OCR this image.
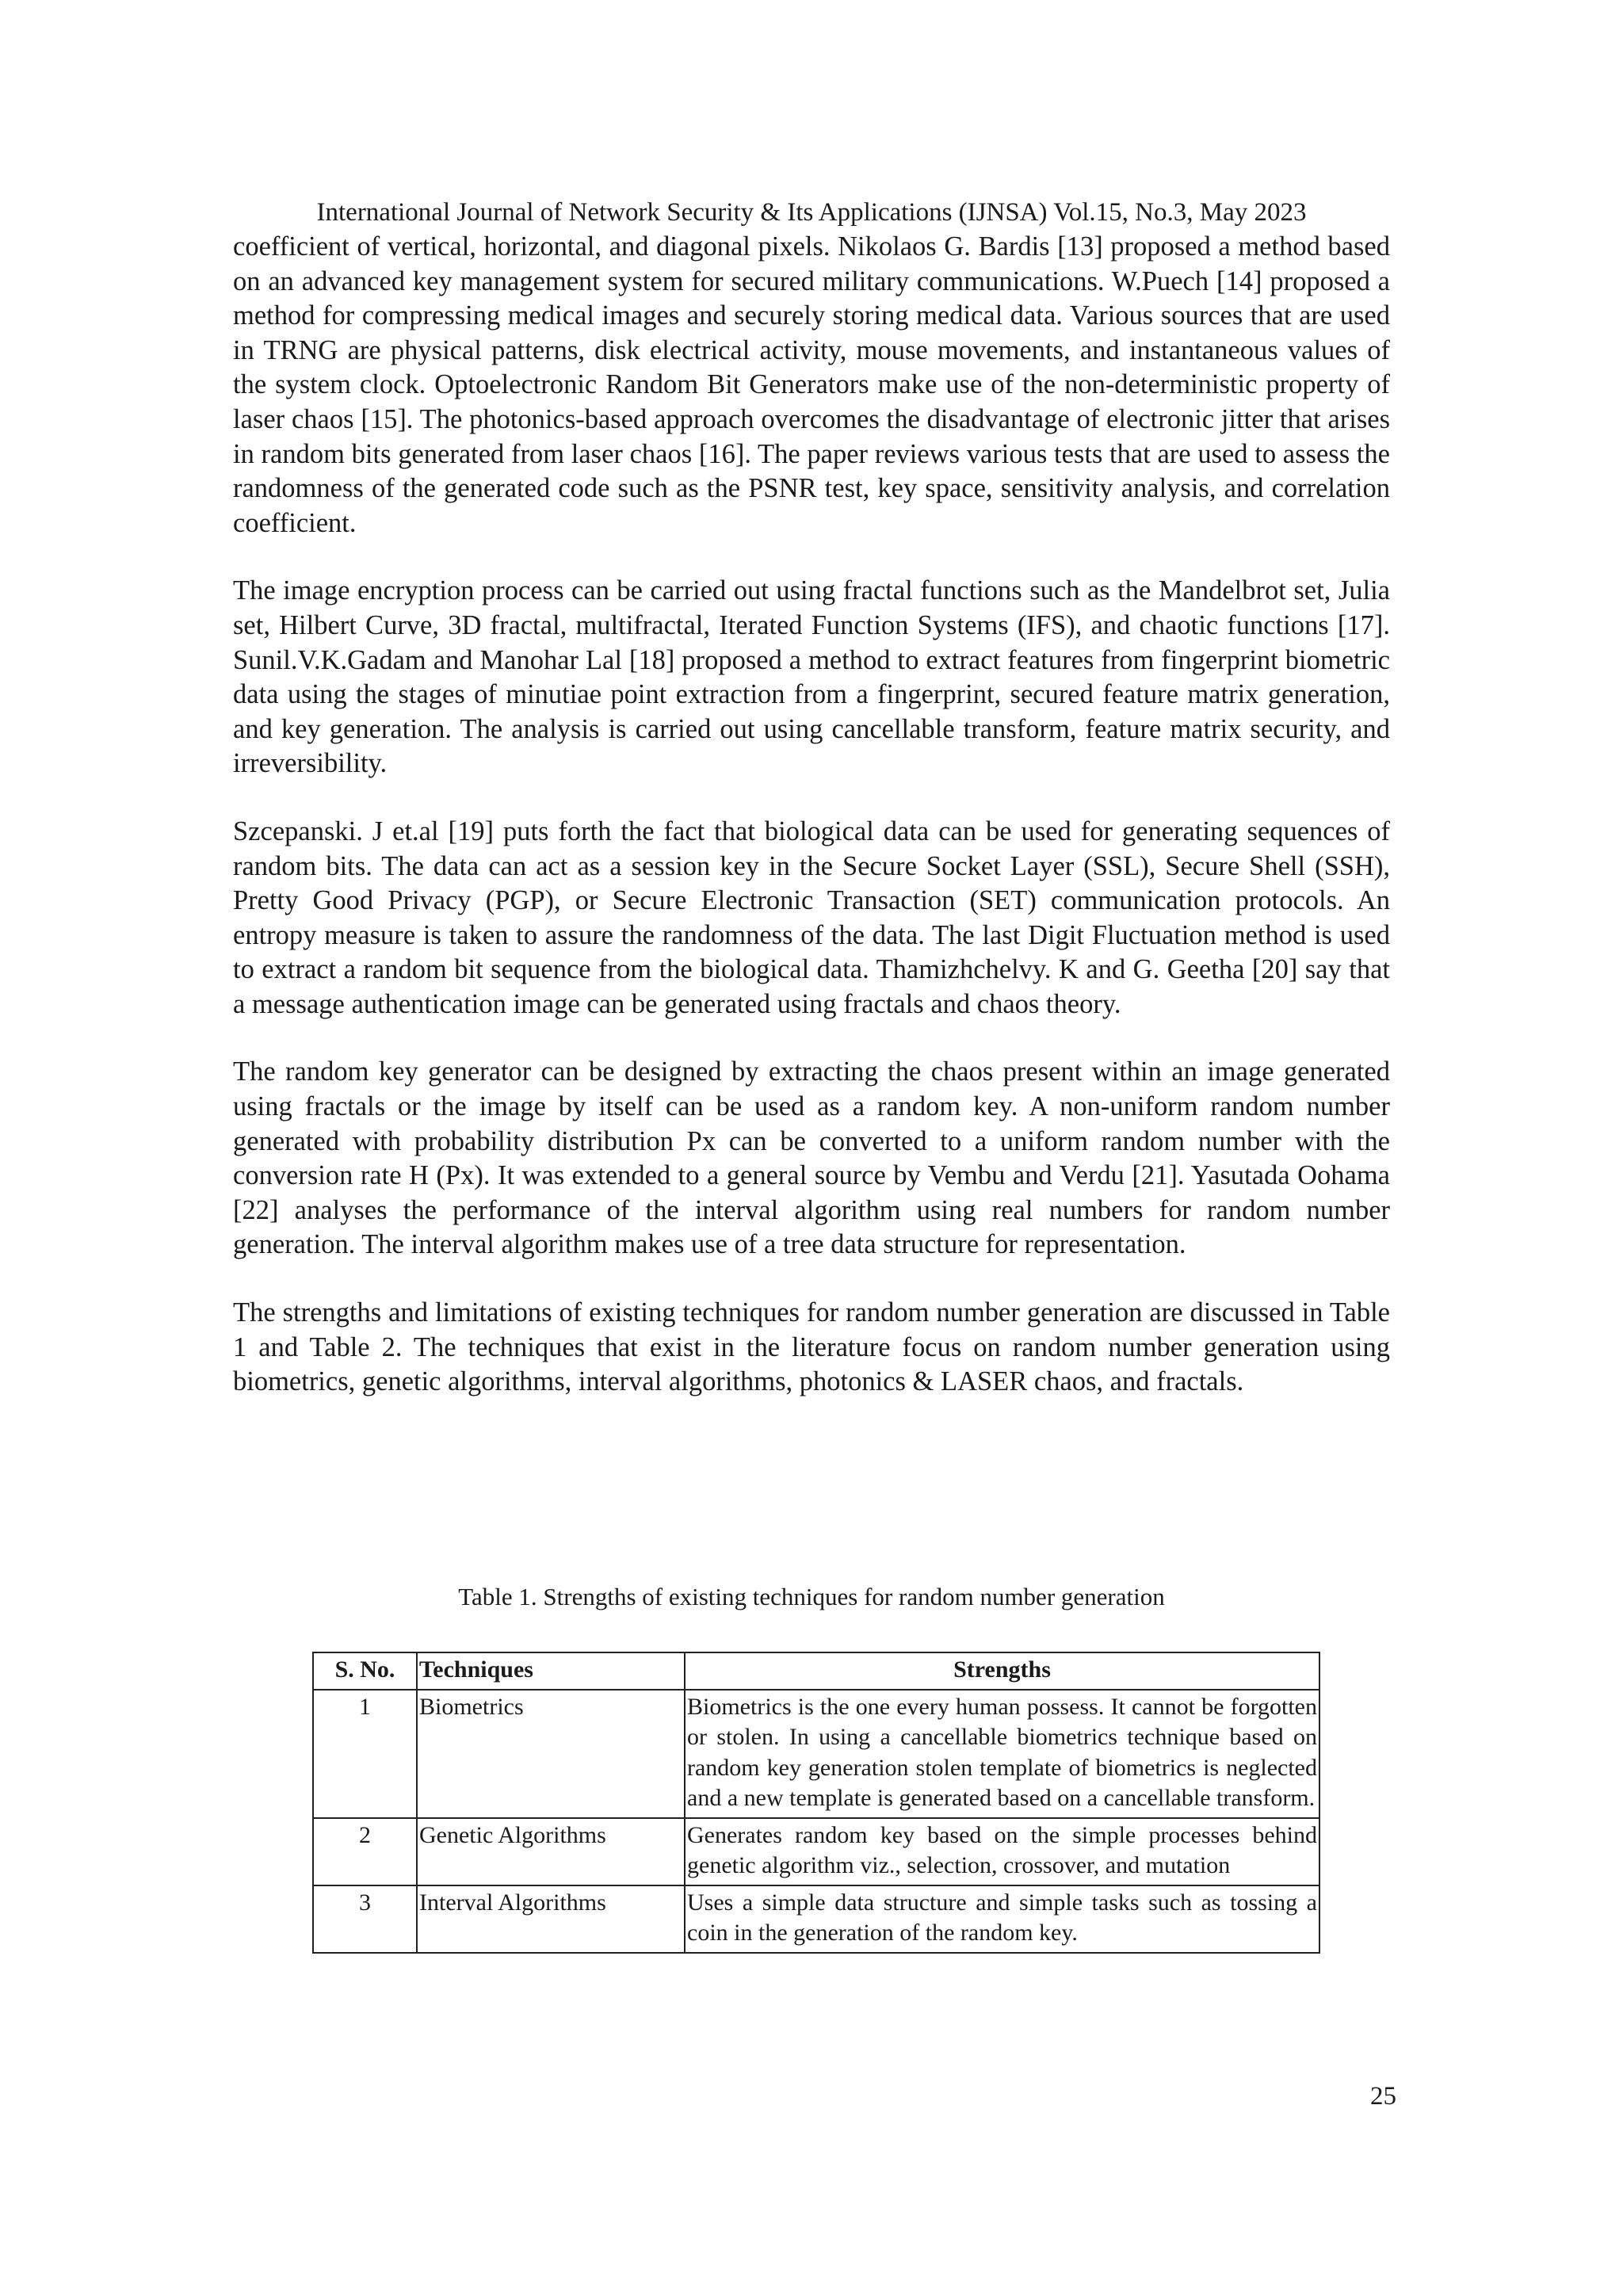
International Journal of Network Security & Its Applications (IJNSA) Vol.15, No.3, May 2023

coefficient of vertical, horizontal, and diagonal pixels. Nikolaos G. Bardis [13] proposed a method based on an advanced key management system for secured military communications. W.Puech [14] proposed a method for compressing medical images and securely storing medical data. Various sources that are used in TRNG are physical patterns, disk electrical activity, mouse movements, and instantaneous values of the system clock. Optoelectronic Random Bit Generators make use of the non-deterministic property of laser chaos [15]. The photonics-based approach overcomes the disadvantage of electronic jitter that arises in random bits generated from laser chaos [16]. The paper reviews various tests that are used to assess the randomness of the generated code such as the PSNR test, key space, sensitivity analysis, and correlation coefficient.

The image encryption process can be carried out using fractal functions such as the Mandelbrot set, Julia set, Hilbert Curve, 3D fractal, multifractal, Iterated Function Systems (IFS), and chaotic functions [17]. Sunil.V.K.Gadam and Manohar Lal [18] proposed a method to extract features from fingerprint biometric data using the stages of minutiae point extraction from a fingerprint, secured feature matrix generation, and key generation. The analysis is carried out using cancellable transform, feature matrix security, and irreversibility.

Szcepanski. J et.al [19] puts forth the fact that biological data can be used for generating sequences of random bits. The data can act as a session key in the Secure Socket Layer (SSL), Secure Shell (SSH), Pretty Good Privacy (PGP), or Secure Electronic Transaction (SET) communication protocols. An entropy measure is taken to assure the randomness of the data. The last Digit Fluctuation method is used to extract a random bit sequence from the biological data. Thamizhchelvy. K and G. Geetha [20] say that a message authentication image can be generated using fractals and chaos theory.

The random key generator can be designed by extracting the chaos present within an image generated using fractals or the image by itself can be used as a random key. A non-uniform random number generated with probability distribution Px can be converted to a uniform random number with the conversion rate H (Px). It was extended to a general source by Vembu and Verdu [21]. Yasutada Oohama [22] analyses the performance of the interval algorithm using real numbers for random number generation. The interval algorithm makes use of a tree data structure for representation.

The strengths and limitations of existing techniques for random number generation are discussed in Table 1 and Table 2. The techniques that exist in the literature focus on random number generation using biometrics, genetic algorithms, interval algorithms, photonics & LASER chaos, and fractals.

Table 1. Strengths of existing techniques for random number generation
S. No.	Techniques	Strengths
1	Biometrics	Biometrics is the one every human possess. It cannot be forgotten or stolen. In using a cancellable biometrics technique based on random key generation stolen template of biometrics is neglected and a new template is generated based on a cancellable transform.
2	Genetic Algorithms	Generates random key based on the simple processes behind genetic algorithm viz., selection, crossover, and mutation
3	Interval Algorithms	Uses a simple data structure and simple tasks such as tossing a coin in the generation of the random key.
25
